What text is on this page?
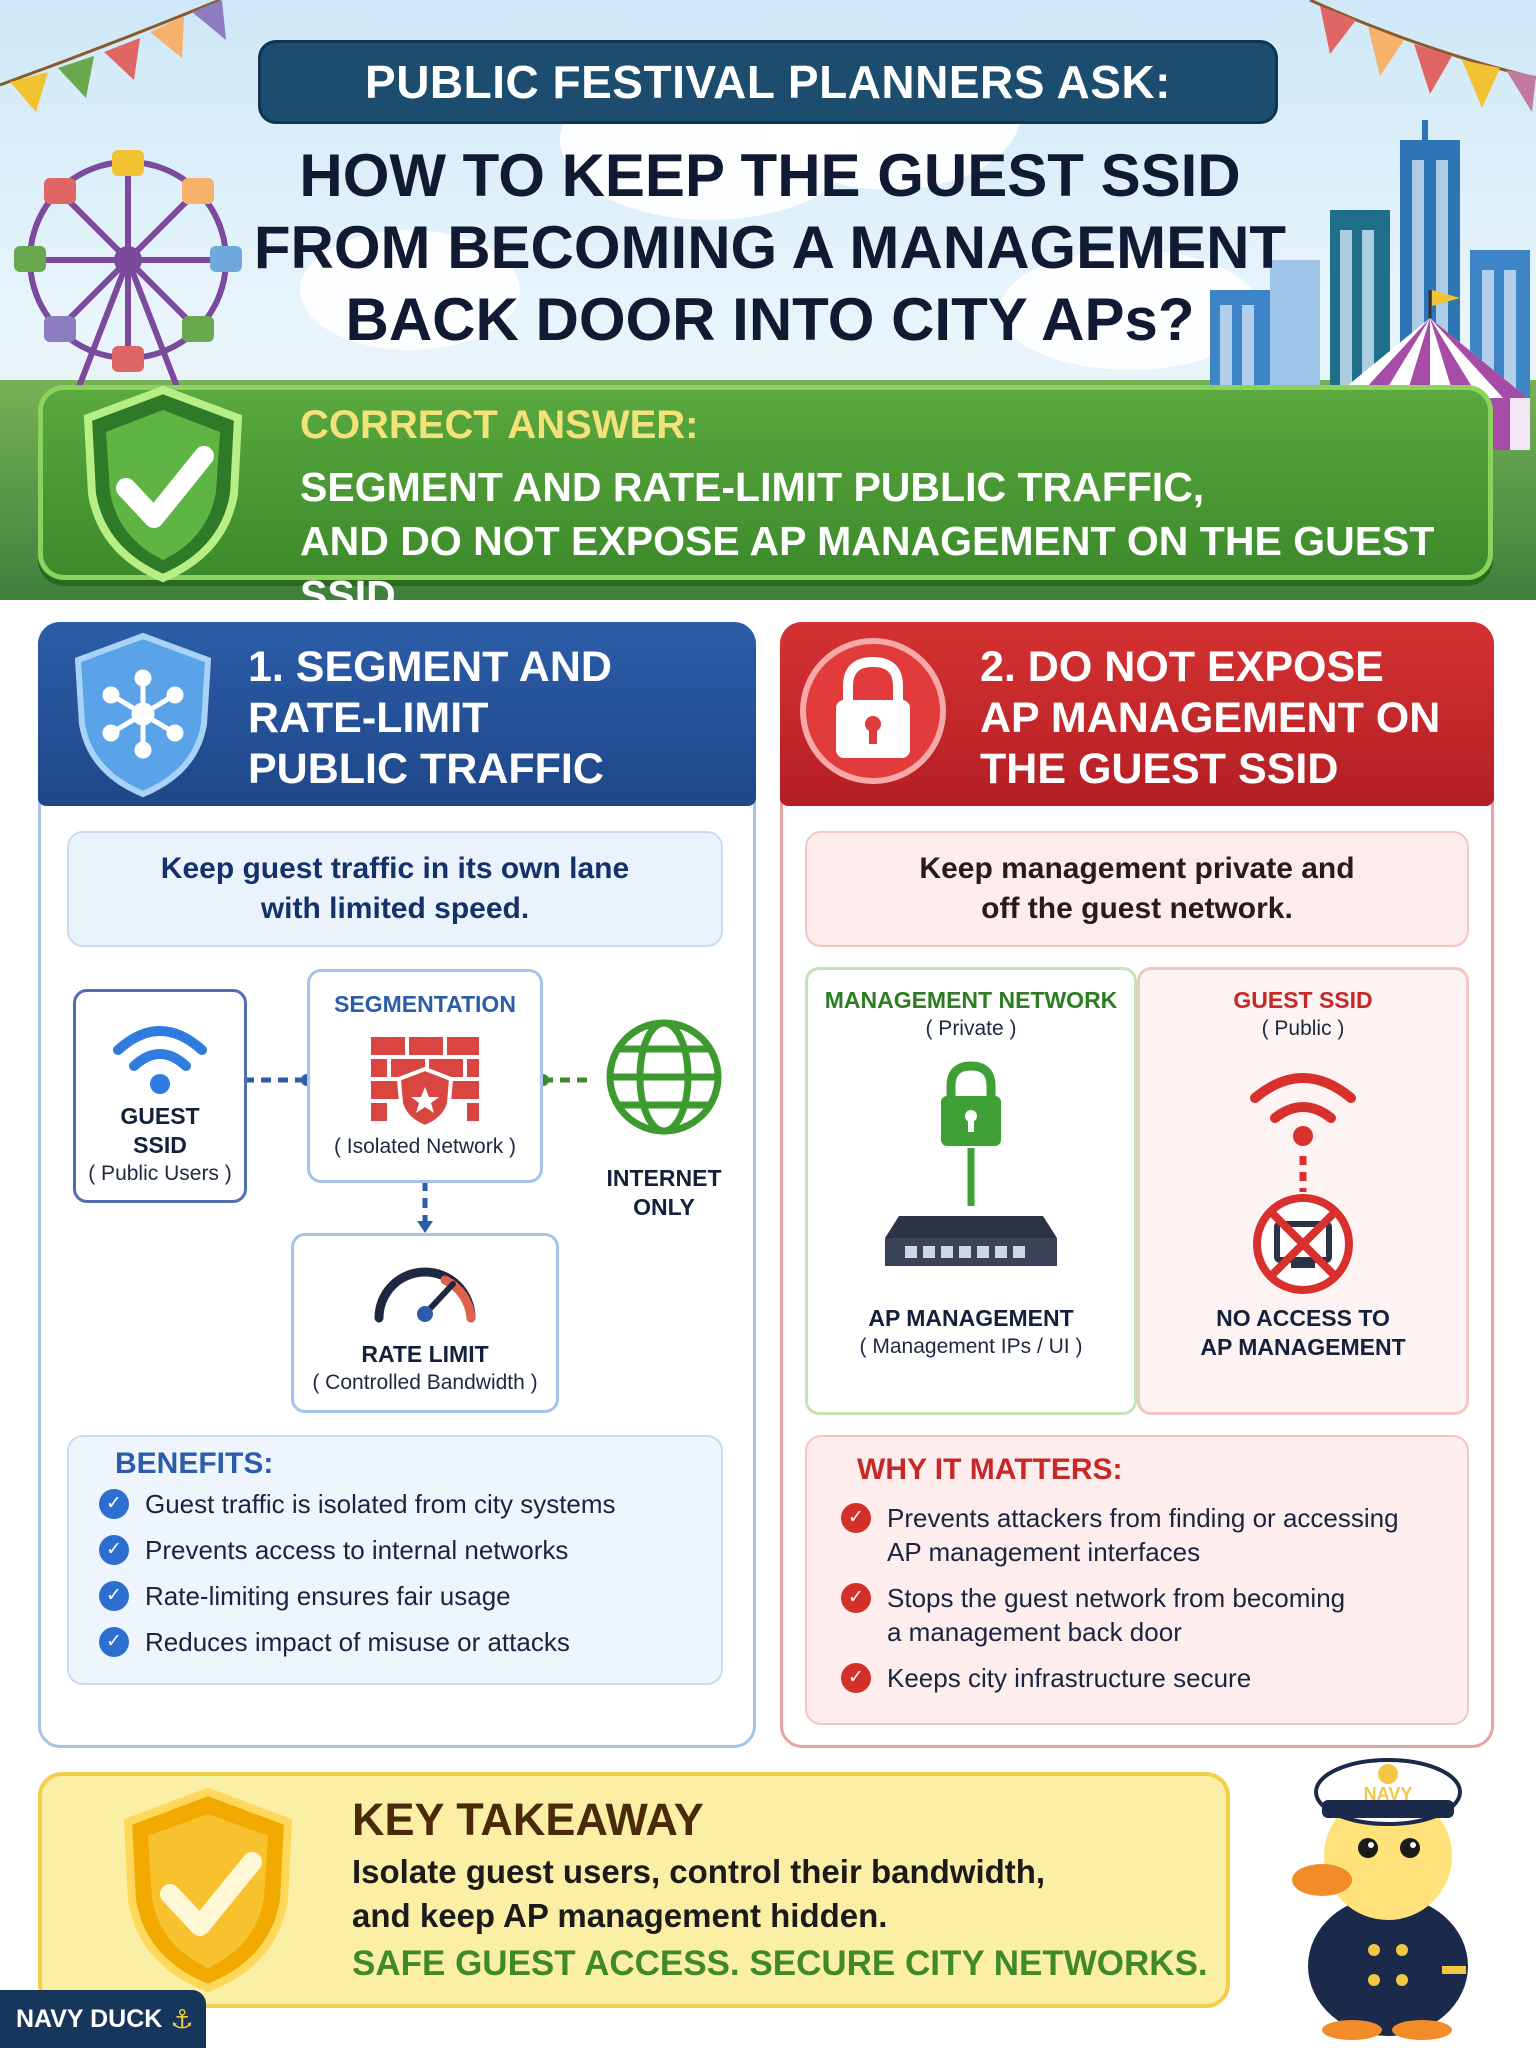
PUBLIC FESTIVAL PLANNERS ASK:
HOW TO KEEP THE GUEST SSID
FROM BECOMING A MANAGEMENT
BACK DOOR INTO CITY APs?
CORRECT ANSWER:
SEGMENT AND RATE-LIMIT PUBLIC TRAFFIC,
AND DO NOT EXPOSE AP MANAGEMENT ON THE GUEST SSID.
1. SEGMENT AND
RATE-LIMIT
PUBLIC TRAFFIC
Keep guest traffic in its own lane
with limited speed.
GUEST
SSID
( Public Users )
SEGMENTATION
( Isolated Network )
INTERNET
ONLY
RATE LIMIT
( Controlled Bandwidth )
BENEFITS:
✓ Guest traffic is isolated from city systems
✓ Prevents access to internal networks
✓ Rate-limiting ensures fair usage
✓ Reduces impact of misuse or attacks
2. DO NOT EXPOSE
AP MANAGEMENT ON
THE GUEST SSID
Keep management private and
off the guest network.
MANAGEMENT NETWORK
( Private )
AP MANAGEMENT
( Management IPs / UI )
GUEST SSID
( Public )
NO ACCESS TO
AP MANAGEMENT
WHY IT MATTERS:
✓ Prevents attackers from finding or accessing
AP management interfaces
✓ Stops the guest network from becoming
a management back door
✓ Keeps city infrastructure secure
KEY TAKEAWAY
Isolate guest users, control their bandwidth,
and keep AP management hidden.
SAFE GUEST ACCESS. SECURE CITY NETWORKS.
NAVY
NAVY DUCK ⚓
